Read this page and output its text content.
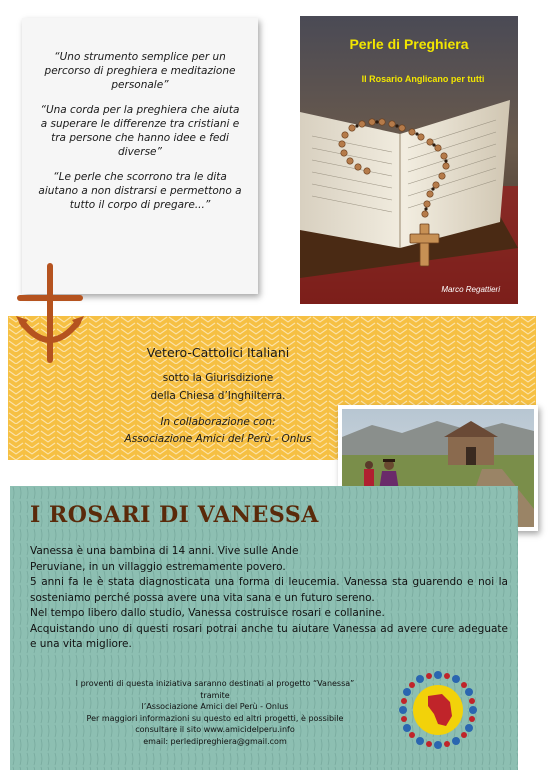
“Uno strumento semplice per un percorso di preghiera e meditazione personale”

“Una corda per la preghiera che aiuta a superare le differenze tra cristiani e tra persone che hanno idee e fedi diverse”

“Le perle che scorrono tra le dita aiutano a non distrarsi e permettono a tutto il corpo di pregare...”

Perle di Preghiera
Il Rosario Anglicano per tutti
Marco Regattieri
Vetero-Cattolici Italiani
sotto la Giurisdizione
della Chiesa d’Inghilterra.
In collaborazione con:
Associazione Amici del Perù - Onlus
I ROSARI DI VANESSA
Vanessa è una bambina di 14 anni. Vive sulle Ande
Peruviane, in un villaggio estremamente povero.
5 anni fa le è stata diagnosticata una forma di leucemia. Vanessa sta guarendo e noi la sosteniamo perché possa avere una vita sana e un futuro sereno.
Nel tempo libero dallo studio, Vanessa costruisce rosari e collanine.
Acquistando uno di questi rosari potrai anche tu aiutare Vanessa ad avere cure adeguate e una vita migliore.
I proventi di questa iniziativa saranno destinati al progetto “Vanessa”
tramite
l’Associazione Amici del Perù - Onlus
Per maggiori informazioni su questo ed altri progetti, è possibile
consultare il sito www.amicidelperu.info
email: perledipreghiera@gmail.com
